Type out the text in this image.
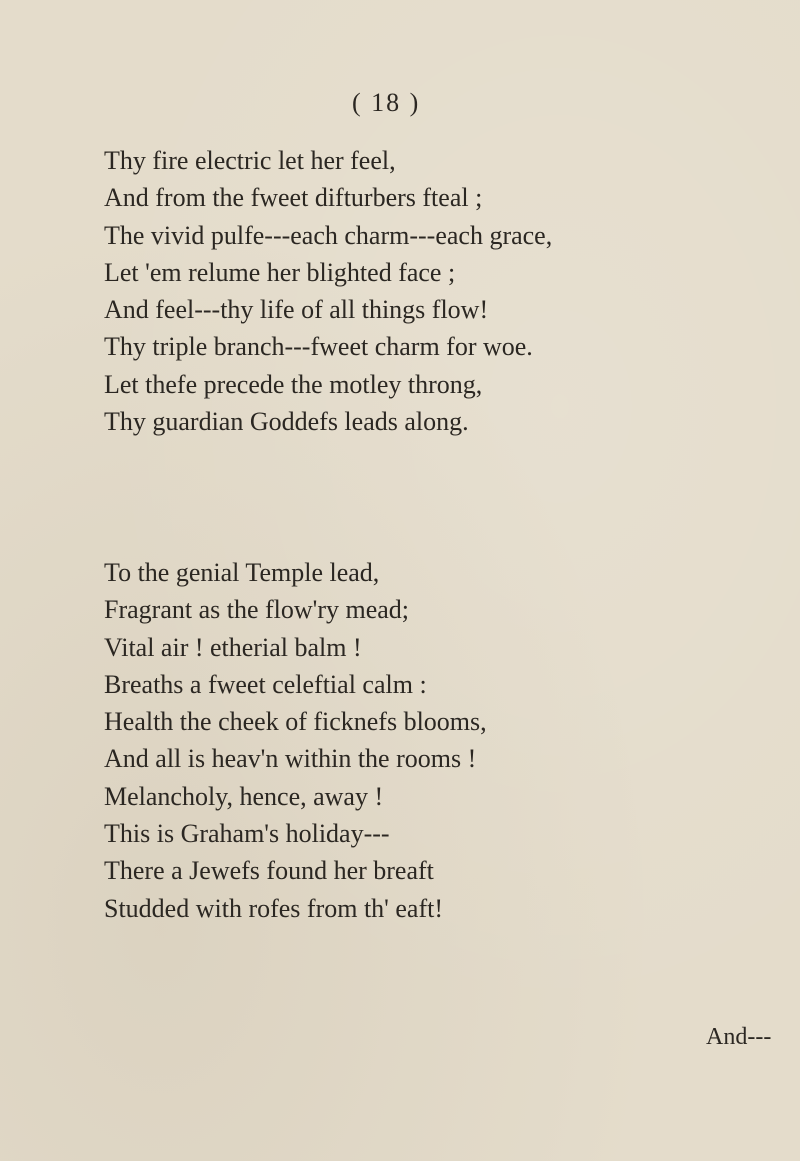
( 18 )
Thy fire electric let her feel,
And from the fweet difturbers fteal ;
The vivid pulfe---each charm---each grace,
Let 'em relume her blighted face ;
And feel---thy life of all things flow!
Thy triple branch---fweet charm for woe.
Let thefe precede the motley throng,
Thy guardian Goddefs leads along.
To the genial Temple lead,
Fragrant as the flow'ry mead;
Vital air ! etherial balm !
Breaths a fweet celeftial calm :
Health the cheek of ficknefs blooms,
And all is heav'n within the rooms !
Melancholy, hence, away !
This is Graham's holiday---
There a Jewefs found her breaft
Studded with rofes from th' eaft!
And---
